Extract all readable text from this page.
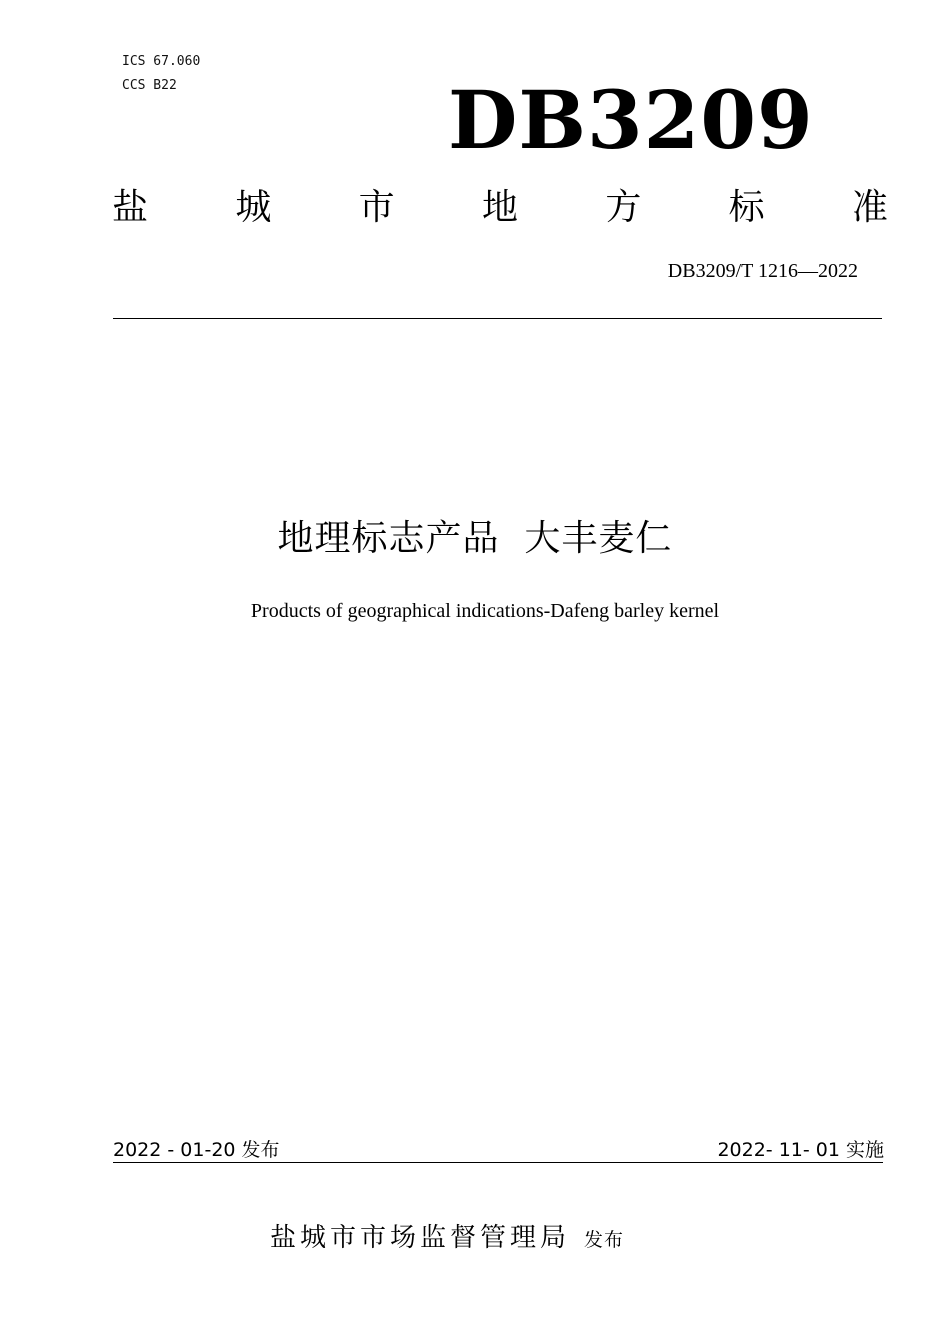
ICS 67.060
CCS B22	DB3209
盐 城 市 地 方 标 准
DB3209/T 1216—2022
地理标志产品  大丰麦仁
Products of geographical indications-Dafeng barley kernel
2022 - 01-20 发布	2022- 11- 01 实施
盐城市市场监督管理局 发布
